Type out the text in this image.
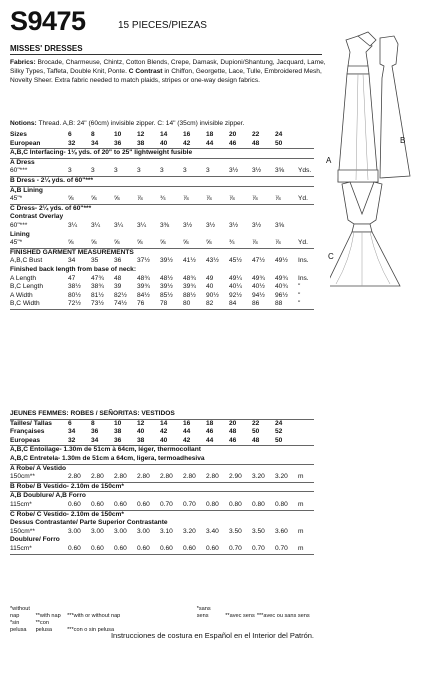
S9475	15 PIECES/PIEZAS
MISSES' DRESSES
Fabrics: Brocade, Charmeuse, Chintz, Cotton Blends, Crepe, Damask, Dupioni/Shantung, Jacquard, Lame, Silky Types, Taffeta, Double Knit, Ponte. C Contrast in Chiffon, Georgette, Lace, Tulle, Embroidered Mesh, Novelty Sheer. Extra fabric needed to match plaids, stripes or one-way design fabrics.
Notions: Thread. A,B: 24" (60cm) invisible zipper. C: 14" (35cm) invisible zipper.
Sizes	6	8	10	12	14	16	18	20	22	24	
European	32	34	36	38	40	42	44	46	48	50	
A,B,C Interfacing- 1⅛ yds. of 20" to 25" lightweight fusible											
A Dress											
60"***	3	3	3	3	3	3	3	3½	3½	3⅝	Yds.
B Dress - 2¼ yds. of 60"***											
A,B Lining											
45"*	⅝	⅝	⅝	⅞	¾	⅞	⅞	⅞	⅞	⅞	Yd.
C Dress- 2¼ yds. of 60"***											
Contrast Overlay											
60"***	3¼	3¼	3¼	3¼	3⅜	3½	3½	3½	3½	3⅝	
Lining											
45"*	⅝	⅝	⅝	⅝	⅝	⅝	⅝	¾	⅞	⅞	Yd.
FINISHED GARMENT MEASUREMENTS											
A,B,C Bust	34	35	36	37½	39½	41½	43½	45½	47½	49½	Ins.
Finished back length from base of neck:											
A Length	47	47¾	48	48¾	48½	48¾	49	49¼	49¾	49¾	Ins.
B,C Length	38½	38¾	39	39¾	39½	39¾	40	40¼	40½	40¾	"
A Width	80½	81½	82½	84½	85½	88½	90½	92½	94½	96½	"
B,C Width	72½	73½	74½	76	78	80	82	84	86	88	"
JEUNES FEMMES: ROBES / SEÑORITAS: VESTIDOS											
Tailles/ Tallas	6	8	10	12	14	16	18	20	22	24	
Françaises	34	36	38	40	42	44	46	48	50	52	
Europeas	32	34	36	38	40	42	44	46	48	50	
A,B,C Entoilage- 1.30m de 51cm à 64cm, léger, thermocollant											
A,B,C Entretela- 1.30m de 51cm a 64cm, ligera, termoadhesiva											
A Robe/ A Vestido											
150cm**	2.80	2.80	2.80	2.80	2.80	2.80	2.80	2.90	3.20	3.20	m
B Robe/ B Vestido- 2.10m de 150cm*											
A,B Doublure/ A,B Forro											
115cm*	0.60	0.60	0.60	0.60	0.70	0.70	0.80	0.80	0.80	0.80	m
C Robe/ C Vestido- 2.10m de 150cm*											
Dessus Contrastante/ Parte Superior Contrastante											
150cm**	3.00	3.00	3.00	3.00	3.10	3.20	3.40	3.50	3.50	3.60	m
Doublure/ Forro											
115cm*	0.60	0.60	0.60	0.60	0.60	0.60	0.60	0.70	0.70	0.70	m
*without nap	**with nap ***with or without nap *sans sens	**avec sens ***avec ou sans sens
*sin pelusa **con pelusa	***con o sin pelusa
Instrucciones de costura en Español en el Interior del Patrón.
A
B
C
